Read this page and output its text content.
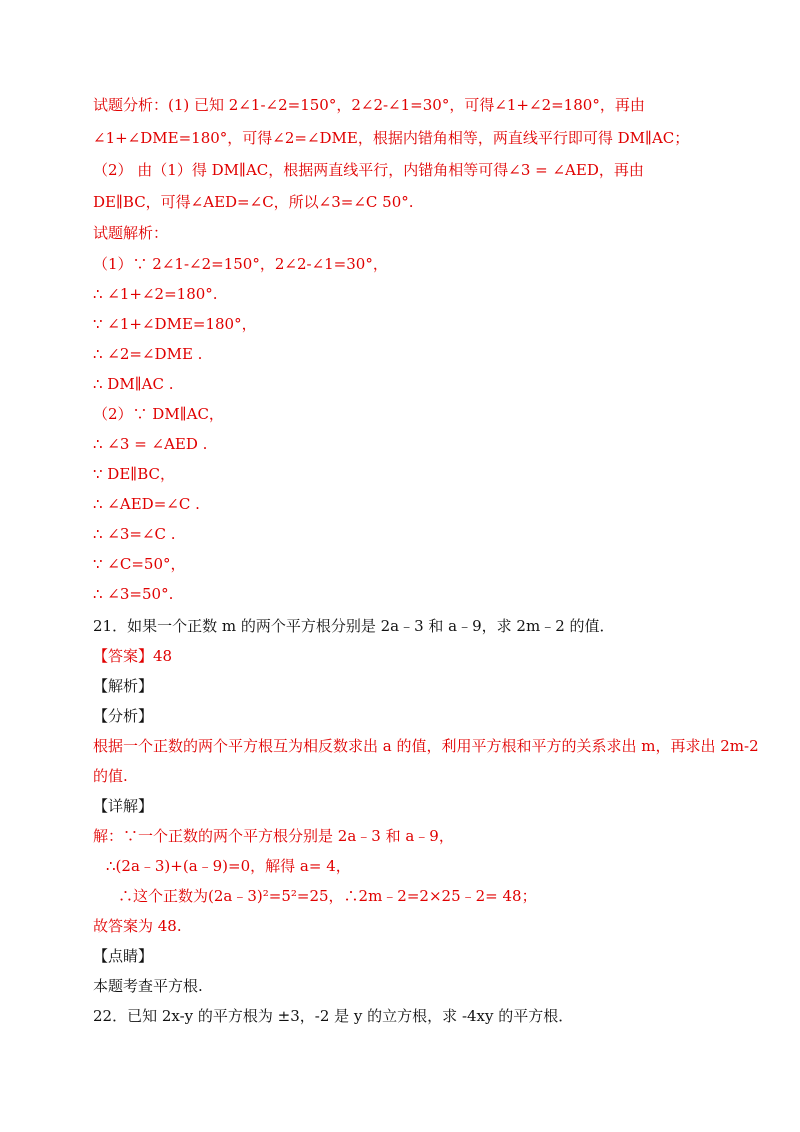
试题分析：(1) 已知 2∠1-∠2=150°，2∠2-∠1=30°，可得∠1+∠2=180°，再由
∠1+∠DME=180°，可得∠2=∠DME，根据内错角相等，两直线平行即可得 DM∥AC；
（2） 由（1）得 DM∥AC，根据两直线平行，内错角相等可得∠3 = ∠AED，再由
DE∥BC，可得∠AED=∠C，所以∠3=∠C 50°.
试题解析：
（1）∵ 2∠1-∠2=150°，2∠2-∠1=30°，
∴ ∠1+∠2=180°.
∵ ∠1+∠DME=180°，
∴ ∠2=∠DME .
∴ DM∥AC .
（2）∵ DM∥AC，
∴ ∠3 = ∠AED .
∵ DE∥BC，
∴ ∠AED=∠C .
∴ ∠3=∠C .
∵ ∠C=50°，
∴ ∠3=50°.
21．如果一个正数 m 的两个平方根分别是 2a﹣3 和 a﹣9，求 2m﹣2 的值．
【答案】48
【解析】
【分析】
根据一个正数的两个平方根互为相反数求出 a 的值，利用平方根和平方的关系求出 m，再求出 2m-2
的值.
【详解】
解：∵一个正数的两个平方根分别是 2a﹣3 和 a﹣9，
∴(2a﹣3)+(a﹣9)=0，解得 a= 4，
∴这个正数为(2a﹣3)²=5²=25，∴2m﹣2=2×25﹣2= 48；
故答案为 48.
【点睛】
本题考查平方根.
22．已知 2x-y 的平方根为 ±3，-2 是 y 的立方根，求 -4xy 的平方根．
